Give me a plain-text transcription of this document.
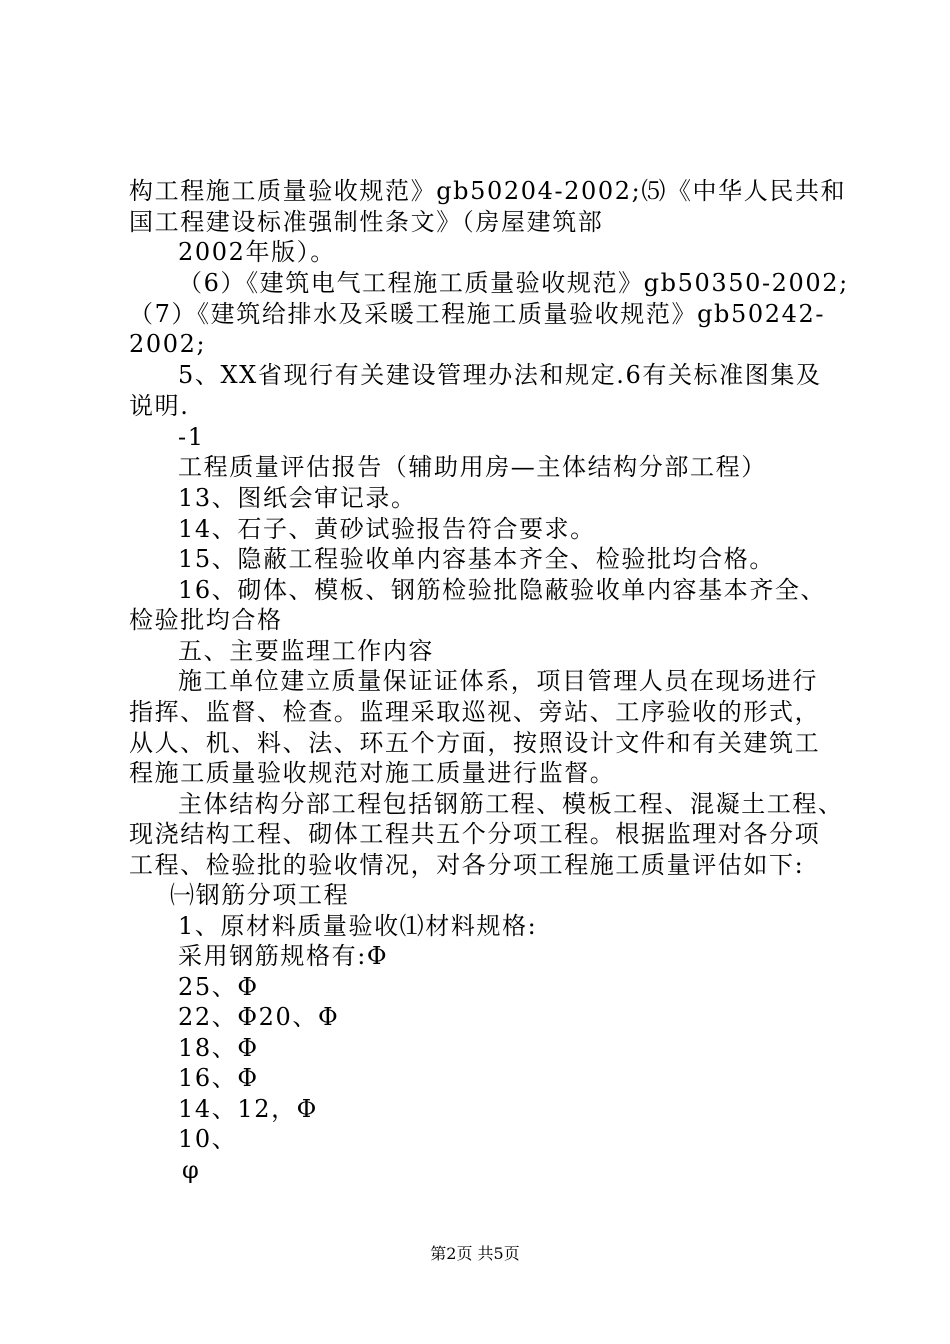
构工程施工质量验收规范》gb50204-2002;⑸《中华人民共和
国工程建设标准强制性条文》（房屋建筑部
2002年版）。
（6）《建筑电气工程施工质量验收规范》gb50350-2002;
（7）《建筑给排水及采暖工程施工质量验收规范》gb50242-
2002;
5、XX省现行有关建设管理办法和规定.6有关标准图集及
说明.
-1
工程质量评估报告（辅助用房—主体结构分部工程）
13、图纸会审记录。
14、石子、黄砂试验报告符合要求。
15、隐蔽工程验收单内容基本齐全、检验批均合格。
16、砌体、模板、钢筋检验批隐蔽验收单内容基本齐全、
检验批均合格
五、主要监理工作内容
施工单位建立质量保证证体系，项目管理人员在现场进行
指挥、监督、检查。监理采取巡视、旁站、工序验收的形式，
从人、机、料、法、环五个方面，按照设计文件和有关建筑工
程施工质量验收规范对施工质量进行监督。
主体结构分部工程包括钢筋工程、模板工程、混凝土工程、
现浇结构工程、砌体工程共五个分项工程。根据监理对各分项
工程、检验批的验收情况，对各分项工程施工质量评估如下:
㈠钢筋分项工程
1、原材料质量验收⑴材料规格:
采用钢筋规格有:Φ
25、Φ
22、Φ20、Φ
18、Φ
16、Φ
14、12，Φ
10、
φ
第2页 共5页
